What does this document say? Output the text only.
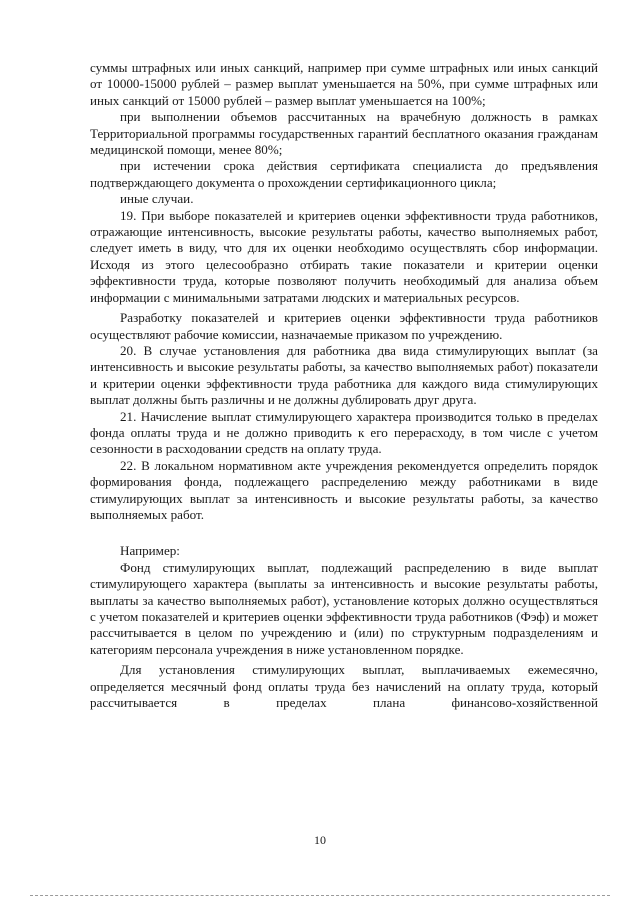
суммы штрафных или иных санкций, например при сумме штрафных или иных санкций от 10000-15000 рублей – размер выплат уменьшается на 50%, при сумме штрафных или иных санкций от 15000 рублей – размер выплат уменьшается на 100%;

при выполнении объемов рассчитанных на врачебную должность в рамках Территориальной программы государственных гарантий бесплатного оказания гражданам медицинской помощи, менее 80%;

при истечении срока действия сертификата специалиста до предъявления подтверждающего документа о прохождении сертификационного цикла;

иные случаи.

19. При выборе показателей и критериев оценки эффективности труда работников, отражающие интенсивность, высокие результаты работы, качество выполняемых работ, следует иметь в виду, что для их оценки необходимо осуществлять сбор информации. Исходя из этого целесообразно отбирать такие показатели и критерии оценки эффективности труда, которые позволяют получить необходимый для анализа объем информации с минимальными затратами людских и материальных ресурсов.

Разработку показателей и критериев оценки эффективности труда работников осуществляют рабочие комиссии, назначаемые приказом по учреждению.

20. В случае установления для работника два вида стимулирующих выплат (за интенсивность и высокие результаты работы, за качество выполняемых работ) показатели и критерии оценки эффективности труда работника для каждого вида стимулирующих выплат должны быть различны и не должны дублировать друг друга.

21. Начисление выплат стимулирующего характера производится только в пределах фонда оплаты труда и не должно приводить к его перерасходу, в том числе с учетом сезонности в расходовании средств на оплату труда.

22. В локальном нормативном акте учреждения рекомендуется определить порядок формирования фонда, подлежащего распределению между работниками в виде стимулирующих выплат за интенсивность и высокие результаты работы, за качество выполняемых работ.

Например:

Фонд стимулирующих выплат, подлежащий распределению в виде выплат стимулирующего характера (выплаты за интенсивность и высокие результаты работы, выплаты за качество выполняемых работ), установление которых должно осуществляться с учетом показателей и критериев оценки эффективности труда работников (Фэф) и может рассчитывается в целом по учреждению и (или) по структурным подразделениям и категориям персонала учреждения в ниже установленном порядке.

Для установления стимулирующих выплат, выплачиваемых ежемесячно, определяется месячный фонд оплаты труда без начислений на оплату труда, который рассчитывается в пределах плана финансово-хозяйственной

10
